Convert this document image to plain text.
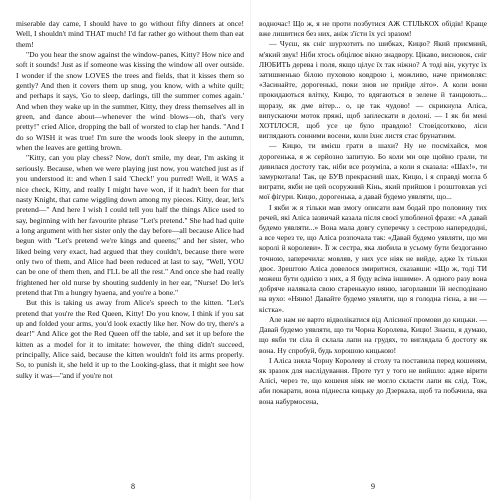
miserable day came, I should have to go without fifty dinners at once! Well, I shouldn't mind THAT much! I'd far rather go without them than eat them!

"Do you hear the snow against the window-panes, Kitty? How nice and soft it sounds! Just as if someone was kissing the window all over outside. I wonder if the snow LOVES the trees and fields, that it kisses them so gently? And then it covers them up snug, you know, with a white quilt; and perhaps it says, 'Go to sleep, darlings, till the summer comes again.' And when they wake up in the summer, Kitty, they dress themselves all in green, and dance about—whenever the wind blows—oh, that's very pretty!" cried Alice, dropping the ball of worsted to clap her hands. "And I do so WISH it was true! I'm sure the woods look sleepy in the autumn, when the leaves are getting brown.

"Kitty, can you play chess? Now, don't smile, my dear, I'm asking it seriously. Because, when we were playing just now, you watched just as if you understood it: and when I said 'Check!' you purred! Well, it WAS a nice check, Kitty, and really I might have won, if it hadn't been for that nasty Knight, that came wiggling down among my pieces. Kitty, dear, let's pretend—" And here I wish I could tell you half the things Alice used to say, beginning with her favourite phrase "Let's pretend." She had had quite a long argument with her sister only the day before—all because Alice had begun with "Let's pretend we're kings and queens;" and her sister, who liked being very exact, had argued that they couldn't, because there were only two of them, and Alice had been reduced at last to say, "Well, YOU can be one of them then, and I'LL be all the rest." And once she had really frightened her old nurse by shouting suddenly in her ear, "Nurse! Do let's pretend that I'm a hungry hyaena, and you're a bone."

But this is taking us away from Alice's speech to the kitten. "Let's pretend that you're the Red Queen, Kitty! Do you know, I think if you sat up and folded your arms, you'd look exactly like her. Now do try, there's a dear!" And Alice got the Red Queen off the table, and set it up before the kitten as a model for it to imitate: however, the thing didn't succeed, principally, Alice said, because the kitten wouldn't fold its arms properly. So, to punish it, she held it up to the Looking-glass, that it might see how sulky it was—"and if you're not

водночас! Що ж, я не проти позбутися АЖ СТІЛЬКОХ обідів! Краще вже лишитися без них, аніж з'їсти їх усі зразом!

— Чуєш, як сніг шурхотить по шибках, Кицю? Який приємний, м'який звук! Ніби хтось обцілює вікно знадвору. Цікаво, висновок, сніг ЛЮБИТЬ дерева і поля, якщо цілує їх так ніжно? А тоді він, укутує їх затишненько білою пуховою ковдрою і, можливо, наче примовляє: «Засинайте, дорогенькі, поки знов не прийде літо». А коли вони прокидаються влітку, Кицю, то вдягаються в зелене й танцюють... щоразу, як дме вітер... о, це так чудово! — скрикнула Аліса, випускаючи моток пряжі, щоб заплескати в долоні. — І як би мені ХОТІЛОСЯ, щоб усе це було правдою! Стовідсотково, ліси виглядають сонними восени, коли їхнє листя стає брунатним.

— Кицю, ти вмієш грати в шахи? Ну не посміхайся, моя дорогенька, я ж серйозно запитую. Бо коли ми оце щойно грали, ти дивилася достоту так, ніби все розуміла, а коли я сказала: «Шах!», ти замуркотала! Так, це БУВ прекрасний шах, Кицю, і я справді могла б виграти, якби не цей осоружний Кінь, який прийшов і розштовхав усі мої фігури. Кицю, дорогенька, а давай будемо уявляти, що...

І якби ж я тільки мав змогу описати вам бодай про половину тих речей, які Аліса зазвичай казала після своєї улюбленої фрази: «А давай будемо уявляти...» Вона мала довгу суперечку з сестрою напередодні, а все через те, що Аліса розпочала так: «Давай будемо уявляти, що ми королі й королеви». Її ж сестра, яка любила в усьому бути бездоганно точною, заперечила: мовляв, у них усе ніяк не вийде, адже їх тільки двоє. Зрештою Аліса довелося змиритися, сказавши: «Що ж, тоді ТИ можеш бути однією з них, а Я буду всіма іншими». А одного разу вона добряче налякала свою старенькую няню, загорлавши їй несподівано на вухо: «Няню! Давайте будемо уявляти, що я голодна гієна, а ви — кістка».

Але нам не варто відволікатися від Алісиної промови до кицьки. — Давай будемо уявляти, що ти Чорна Королева, Кицю! Знаєш, я думаю, що якби ти сіла й склала лапи на грудях, то виглядала б достоту як вона. Ну спробуй, будь хорошою кицькою!

І Аліса зняла Чорну Королеву зі столу та поставила перед кошеням, як зразок для наслідування. Проте тут у того не вийшло: адже вірити Алісі, через те, що кошеня ніяк не могло скласти лапи як слід. Тож, аби покарати, вона піднесла кицьку до Дзеркала, щоб та побачила, яка вона набурмосена,

8	9
